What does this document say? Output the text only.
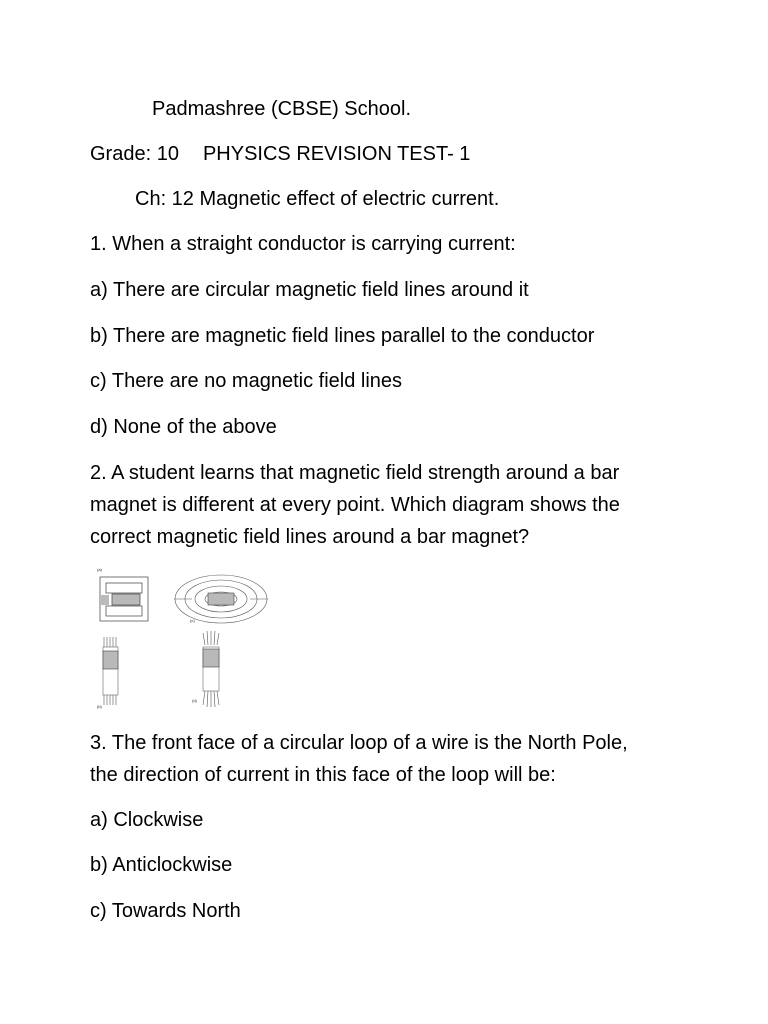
Padmashree (CBSE) School.
Grade: 10 PHYSICS REVISION TEST- 1
Ch: 12 Magnetic effect of electric current.
1. When a straight conductor is carrying current:
a) There are circular magnetic field lines around it
b) There are magnetic field lines parallel to the conductor
c) There are no magnetic field lines
d) None of the above
2. A student learns that magnetic field strength around a bar
magnet is different at every point. Which diagram shows the
correct magnetic field lines around a bar magnet?
(a)
(c)
(b)
(d)
3. The front face of a circular loop of a wire is the North Pole,
the direction of current in this face of the loop will be:
a) Clockwise
b) Anticlockwise
c) Towards North
